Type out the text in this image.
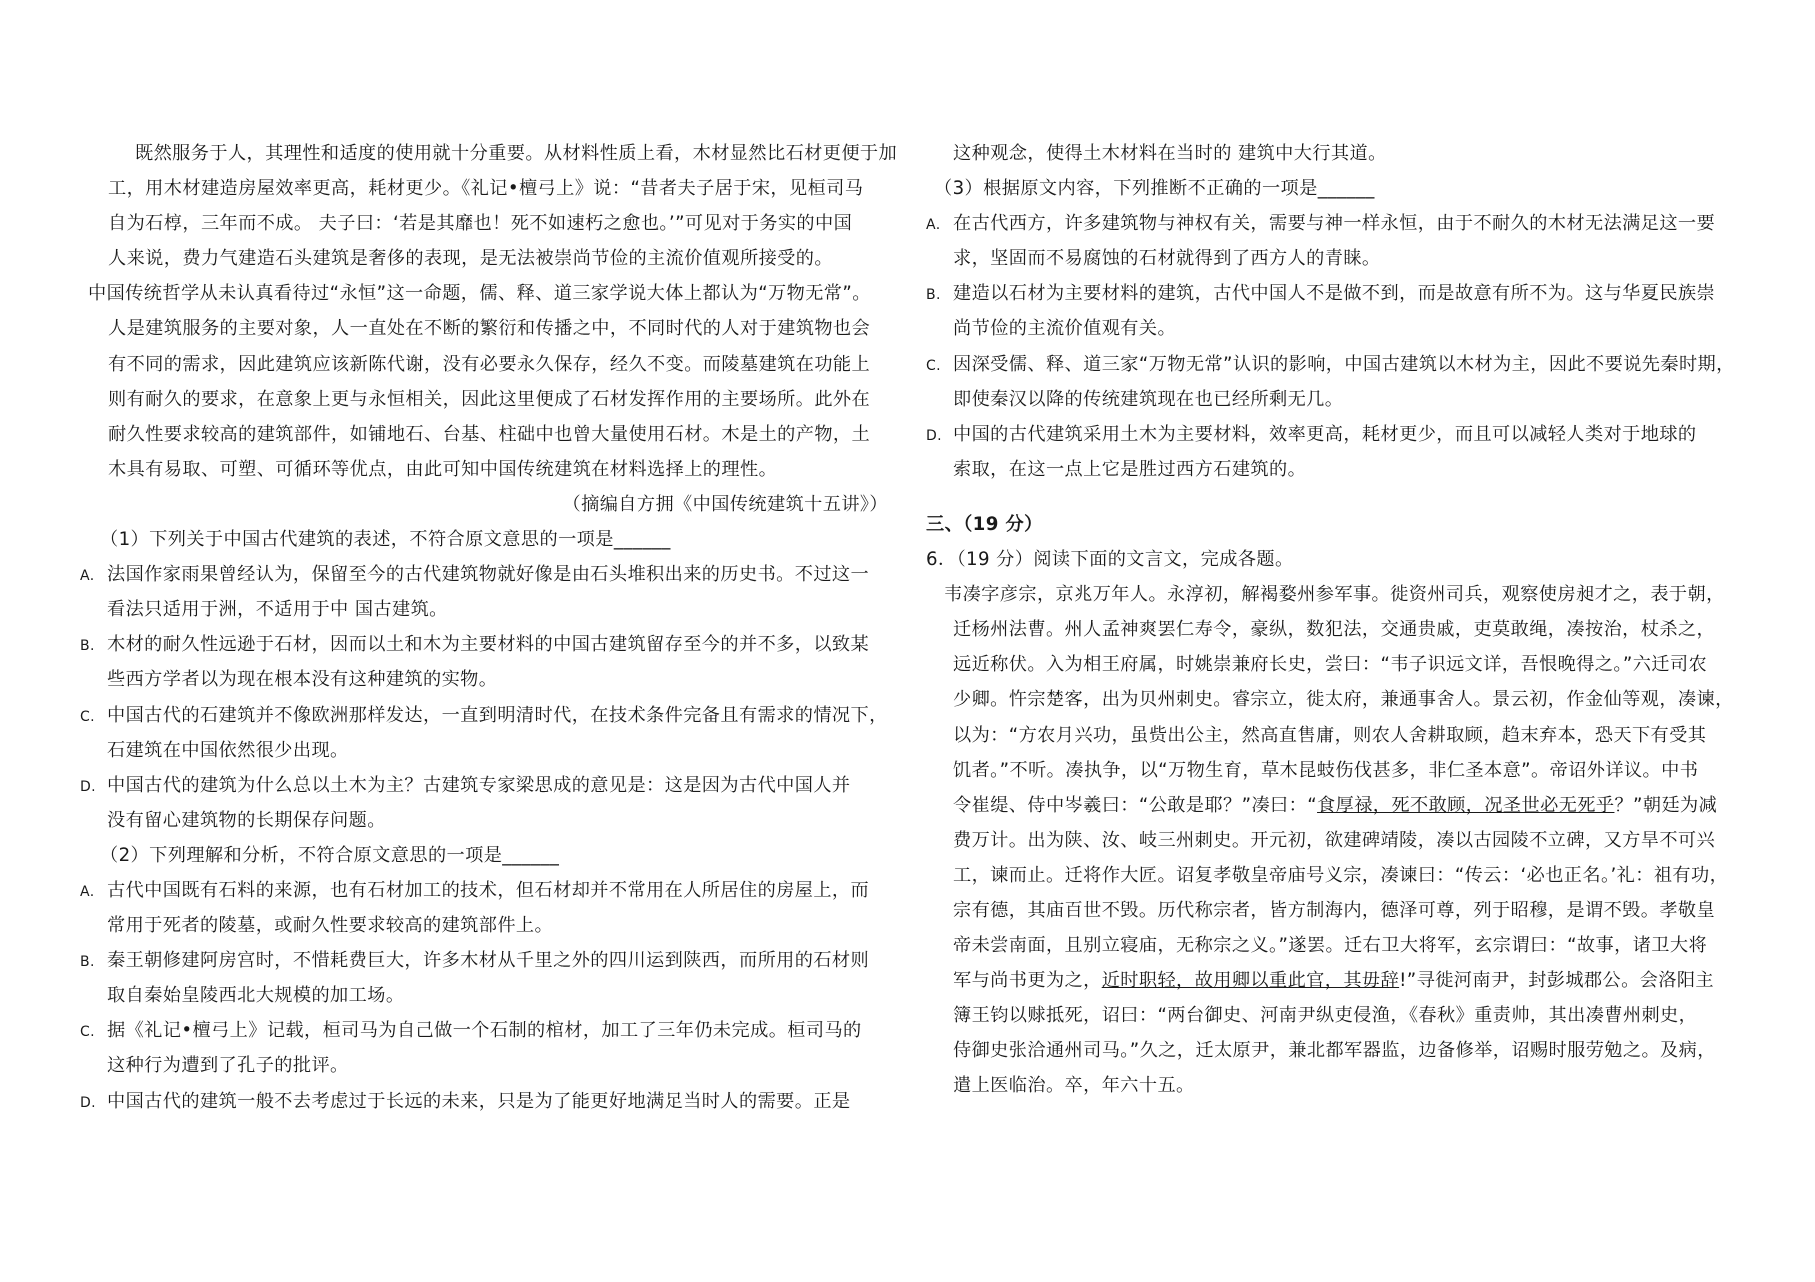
既然服务于人，其理性和适度的使用就十分重要。从材料性质上看，木材显然比石材更便于加
工，用木材建造房屋效率更高，耗材更少。《礼记•檀弓上》说：“昔者夫子居于宋，见桓司马
自为石椁，三年而不成。 夫子曰：‘若是其靡也！死不如速朽之愈也。’”可见对于务实的中国
人来说，费力气建造石头建筑是奢侈的表现，是无法被崇尚节俭的主流价值观所接受的。
中国传统哲学从未认真看待过“永恒”这一命题，儒、释、道三家学说大体上都认为“万物无常”。
人是建筑服务的主要对象，人一直处在不断的繁衍和传播之中，不同时代的人对于建筑物也会
有不同的需求，因此建筑应该新陈代谢，没有必要永久保存，经久不变。而陵墓建筑在功能上
则有耐久的要求，在意象上更与永恒相关，因此这里便成了石材发挥作用的主要场所。此外在
耐久性要求较高的建筑部件，如铺地石、台基、柱础中也曾大量使用石材。木是土的产物，土
木具有易取、可塑、可循环等优点，由此可知中国传统建筑在材料选择上的理性。
（摘编自方拥《中国传统建筑十五讲》）
（1）下列关于中国古代建筑的表述，不符合原文意思的一项是______
A. 法国作家雨果曾经认为，保留至今的古代建筑物就好像是由石头堆积出来的历史书。不过这一
看法只适用于洲，不适用于中 国古建筑。
B. 木材的耐久性远逊于石材，因而以土和木为主要材料的中国古建筑留存至今的并不多，以致某
些西方学者以为现在根本没有这种建筑的实物。
C. 中国古代的石建筑并不像欧洲那样发达，一直到明清时代，在技术条件完备且有需求的情况下，
石建筑在中国依然很少出现。
D. 中国古代的建筑为什么总以土木为主？古建筑专家梁思成的意见是：这是因为古代中国人并
没有留心建筑物的长期保存问题。
（2）下列理解和分析，不符合原文意思的一项是______
A. 古代中国既有石料的来源，也有石材加工的技术，但石材却并不常用在人所居住的房屋上，而
常用于死者的陵墓，或耐久性要求较高的建筑部件上。
B. 秦王朝修建阿房宫时，不惜耗费巨大，许多木材从千里之外的四川运到陕西，而所用的石材则
取自秦始皇陵西北大规模的加工场。
C. 据《礼记•檀弓上》记载，桓司马为自己做一个石制的棺材，加工了三年仍未完成。桓司马的
这种行为遭到了孔子的批评。
D. 中国古代的建筑一般不去考虑过于长远的未来，只是为了能更好地满足当时人的需要。正是
这种观念，使得土木材料在当时的 建筑中大行其道。
（3）根据原文内容，下列推断不正确的一项是______
A. 在古代西方，许多建筑物与神权有关，需要与神一样永恒，由于不耐久的木材无法满足这一要
求，坚固而不易腐蚀的石材就得到了西方人的青睐。
B. 建造以石材为主要材料的建筑，古代中国人不是做不到，而是故意有所不为。这与华夏民族崇
尚节俭的主流价值观有关。
C. 因深受儒、释、道三家“万物无常”认识的影响，中国古建筑以木材为主，因此不要说先秦时期，
即使秦汉以降的传统建筑现在也已经所剩无几。
D. 中国的古代建筑采用土木为主要材料，效率更高，耗材更少，而且可以减轻人类对于地球的
索取，在这一点上它是胜过西方石建筑的。
三、（19 分）
6．（19 分）阅读下面的文言文，完成各题。
韦凑字彦宗，京兆万年人。永淳初，解褐婺州参军事。徙资州司兵，观察使房昶才之，表于朝，
迁杨州法曹。州人孟神爽罢仁寿令，豪纵，数犯法，交通贵戚，吏莫敢绳，凑按治，杖杀之，
远近称伏。入为相王府属，时姚崇兼府长史，尝曰：“韦子识远文详，吾恨晚得之。”六迁司农
少卿。忤宗楚客，出为贝州刺史。睿宗立，徙太府，兼通事舍人。景云初，作金仙等观，凑谏，
以为：“方农月兴功，虽赀出公主，然高直售庸，则农人舍耕取顾，趋末弃本，恐天下有受其
饥者。”不听。凑执争，以“万物生育，草木昆蚑伤伐甚多，非仁圣本意”。帝诏外详议。中书
令崔缇、侍中岑羲曰：“公敢是耶？”凑曰：“食厚禄，死不敢顾，况圣世必无死乎？”朝廷为减
费万计。出为陕、汝、岐三州刺史。开元初，欲建碑靖陵，凑以古园陵不立碑，又方旱不可兴
工，谏而止。迁将作大匠。诏复孝敬皇帝庙号义宗，凑谏曰：“传云：‘必也正名。’礼：祖有功，
宗有德，其庙百世不毁。历代称宗者，皆方制海内，德泽可尊，列于昭穆，是谓不毁。孝敬皇
帝未尝南面，且别立寝庙，无称宗之义。”遂罢。迁右卫大将军，玄宗谓曰：“故事，诸卫大将
军与尚书更为之，近时职轻，故用卿以重此官，其毋辞!”寻徙河南尹，封彭城郡公。会洛阳主
簿王钧以赇抵死，诏曰：“两台御史、河南尹纵吏侵渔，《春秋》重责帅，其出凑曹州刺史，
侍御史张洽通州司马。”久之，迁太原尹，兼北都军器监，边备修举，诏赐时服劳勉之。及病，
遣上医临治。卒，年六十五。
